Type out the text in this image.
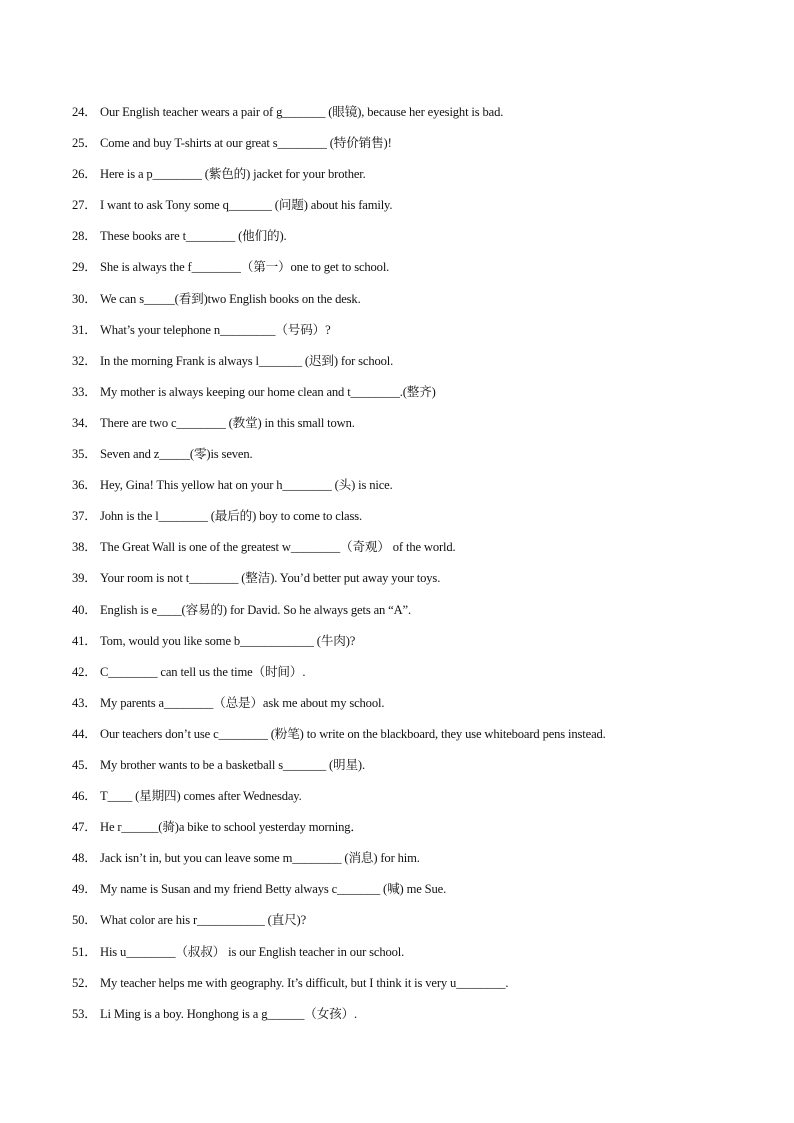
24． Our English teacher wears a pair of g_______ (眼镜), because her eyesight is bad.
25． Come and buy T-shirts at our great s________ (特价销售)!
26． Here is a p________ (紫色的) jacket for your brother.
27． I want to ask Tony some q_______ (问题) about his family.
28． These books are t________ (他们的).
29． She is always the f________（第一）one to get to school.
30． We can s_____(看到)two English books on the desk.
31． What’s your telephone n_________（号码）?
32． In the morning Frank is always l_______ (迟到) for school.
33． My mother is always keeping our home clean and t________.(整齐)
34． There are two c________ (教堂) in this small town.
35． Seven and z_____(零)is seven.
36． Hey, Gina! This yellow hat on your h________ (头) is nice.
37． John is the l________ (最后的) boy to come to class.
38． The Great Wall is one of the greatest w________（奇观） of the world.
39． Your room is not t________ (整洁). You’d better put away your toys.
40． English is e____(容易的) for David. So he always gets an “A”.
41． Tom, would you like some b____________ (牛肉)?
42． C________ can tell us the time（时间）.
43． My parents a________（总是）ask me about my school.
44． Our teachers don’t use c________ (粉笔) to write on the blackboard, they use whiteboard pens instead.
45． My brother wants to be a basketball s_______ (明星).
46． T____ (星期四) comes after Wednesday.
47． He r______(骑)a bike to school yesterday morning．
48． Jack isn’t in, but you can leave some m________ (消息) for him.
49． My name is Susan and my friend Betty always c_______ (喊) me Sue.
50． What color are his r___________ (直尺)?
51． His u________（叔叔） is our English teacher in our school.
52． My teacher helps me with geography. It’s difficult, but I think it is very u________.
53． Li Ming is a boy. Honghong is a g______（女孩）.
